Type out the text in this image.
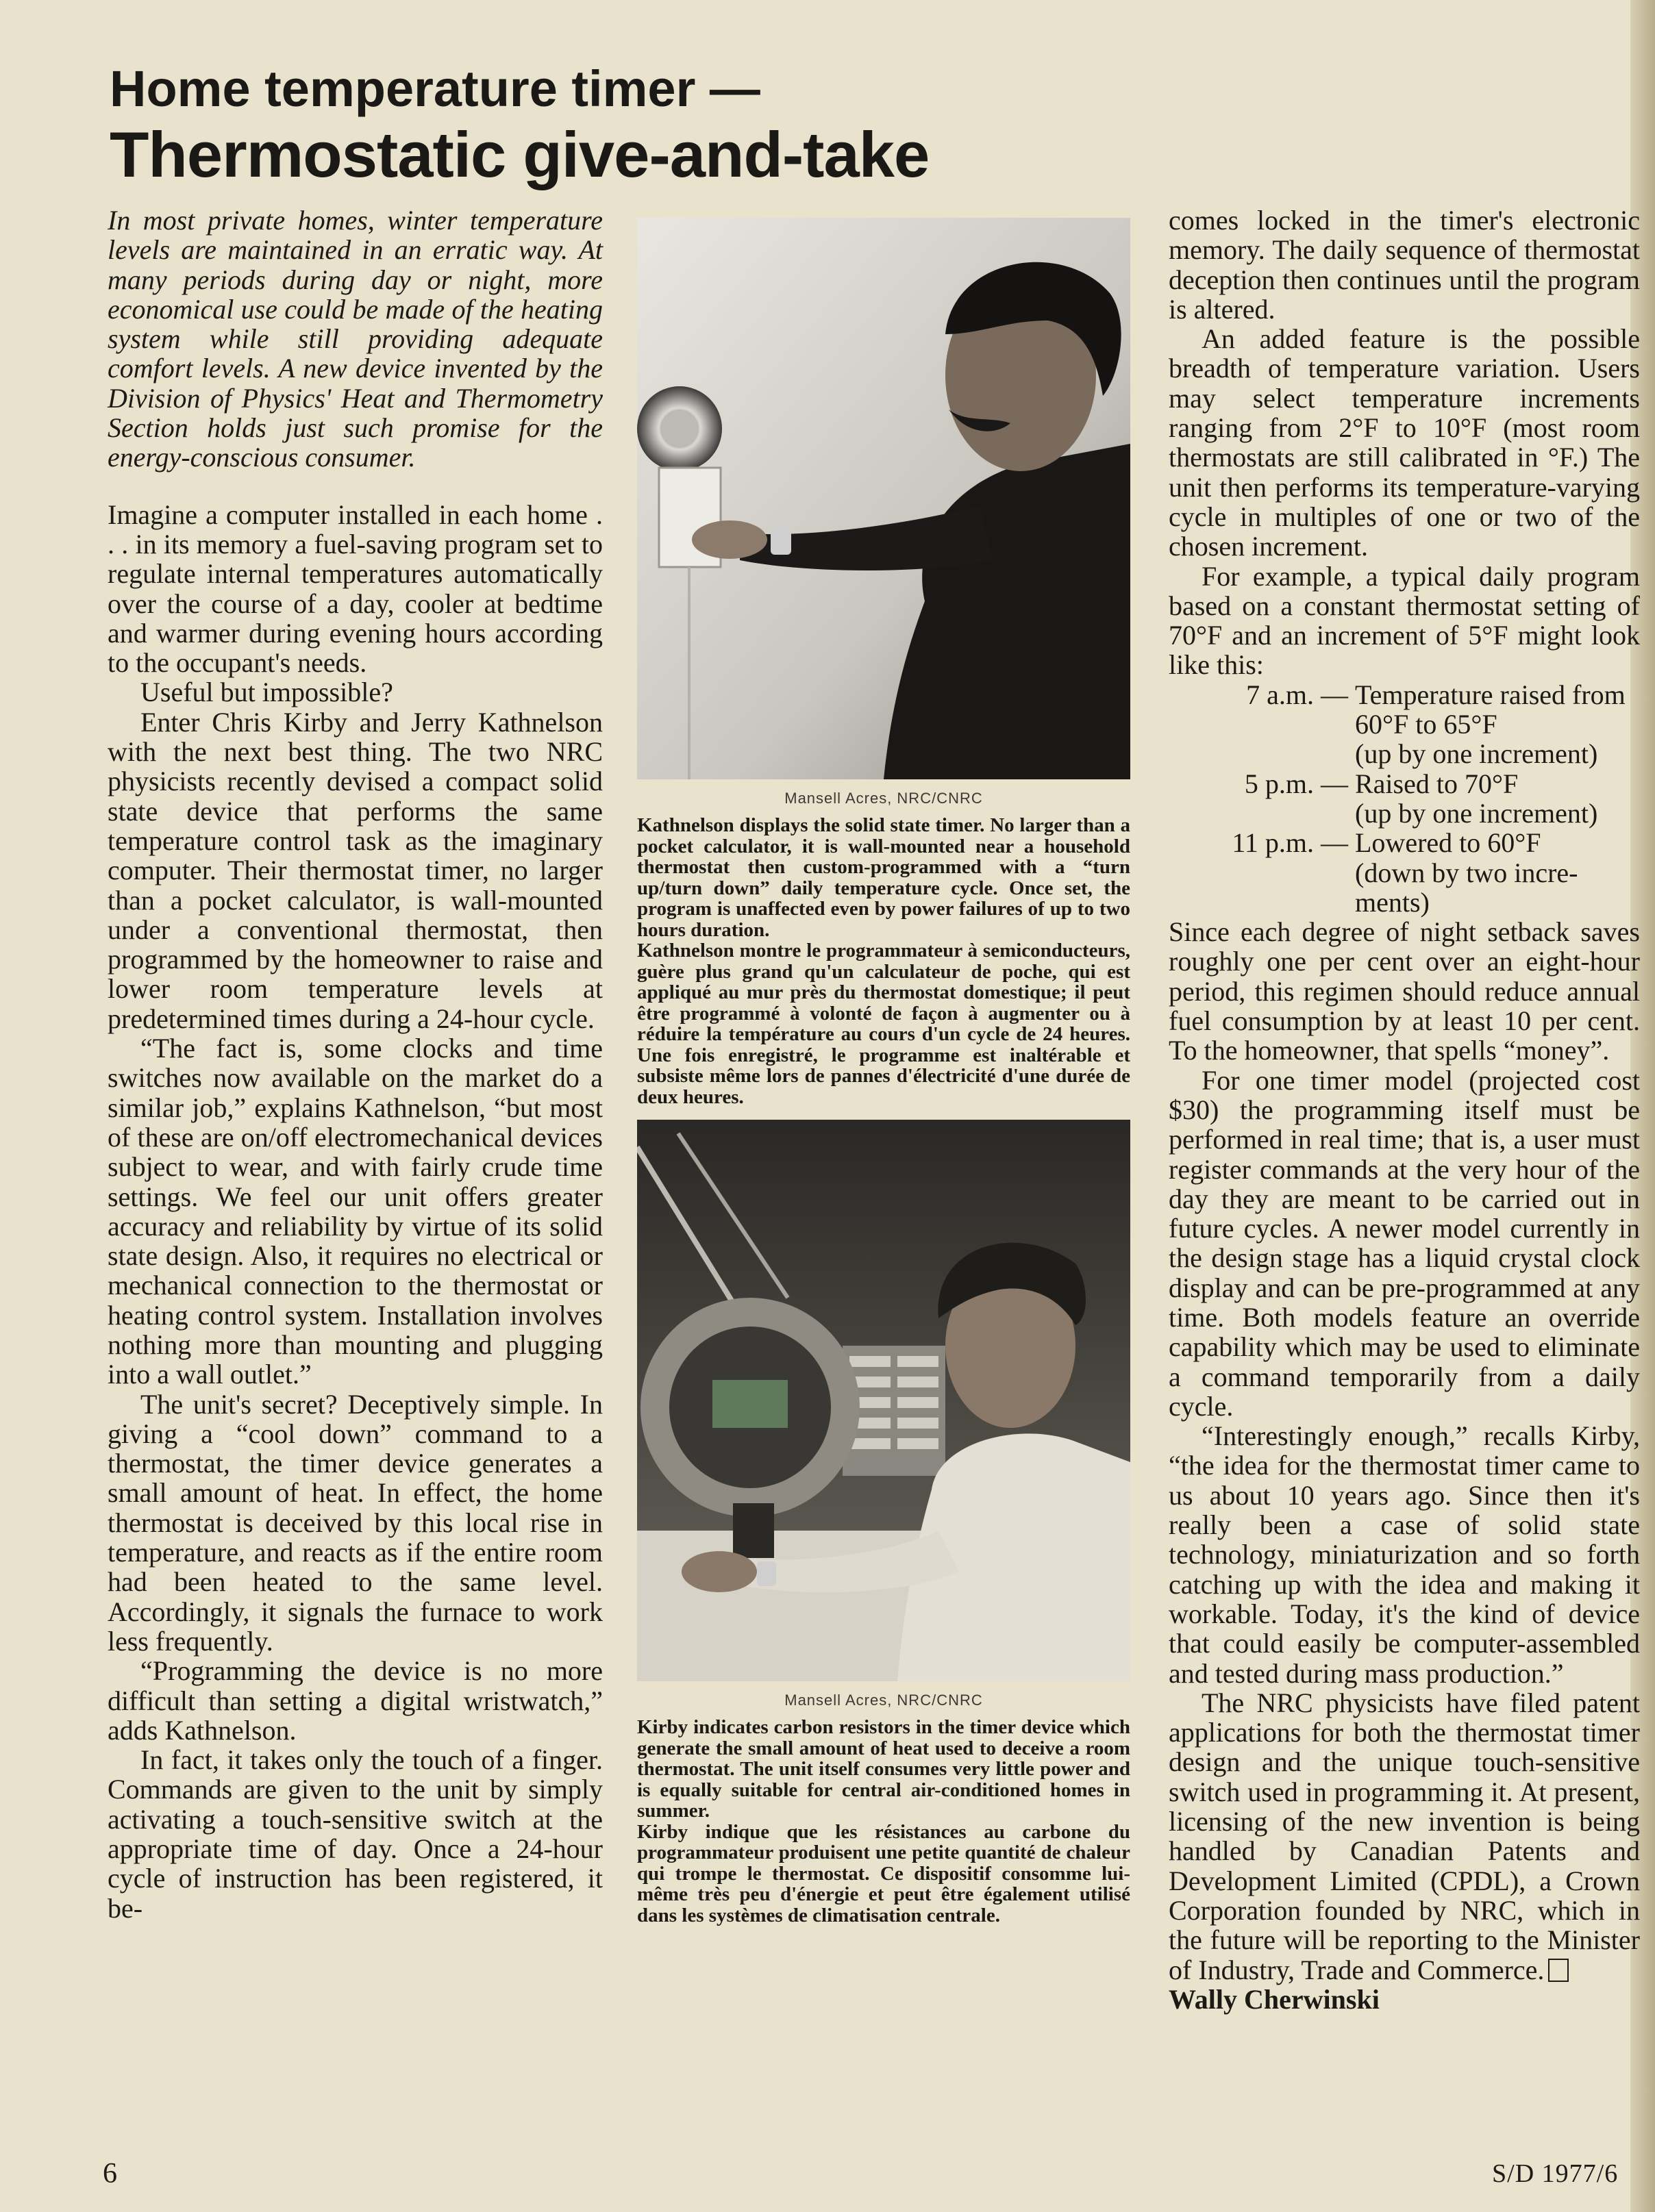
Home temperature timer —
Thermostatic give-and-take

In most private homes, winter temperature levels are maintained in an erratic way. At many periods during day or night, more economical use could be made of the heating system while still providing adequate comfort levels. A new device invented by the Division of Physics' Heat and Thermometry Section holds just such promise for the energy-conscious consumer.

Imagine a computer installed in each home . . . in its memory a fuel-saving program set to regulate internal temperatures automatically over the course of a day, cooler at bedtime and warmer during evening hours according to the occupant's needs.

Useful but impossible?

Enter Chris Kirby and Jerry Kathnelson with the next best thing. The two NRC physicists recently devised a compact solid state device that performs the same temperature control task as the imaginary computer. Their thermostat timer, no larger than a pocket calculator, is wall-mounted under a conventional thermostat, then programmed by the homeowner to raise and lower room temperature levels at predetermined times during a 24-hour cycle.

“The fact is, some clocks and time switches now available on the market do a similar job,” explains Kathnelson, “but most of these are on/off electromechanical devices subject to wear, and with fairly crude time settings. We feel our unit offers greater accuracy and reliability by virtue of its solid state design. Also, it requires no electrical or mechanical connection to the thermostat or heating control system. Installation involves nothing more than mounting and plugging into a wall outlet.”

The unit's secret? Deceptively simple. In giving a “cool down” command to a thermostat, the timer device generates a small amount of heat. In effect, the home thermostat is deceived by this local rise in temperature, and reacts as if the entire room had been heated to the same level. Accordingly, it signals the furnace to work less frequently.

“Programming the device is no more difficult than setting a digital wristwatch,” adds Kathnelson.

In fact, it takes only the touch of a finger. Commands are given to the unit by simply activating a touch-sensitive switch at the appropriate time of day. Once a 24-hour cycle of instruction has been registered, it be-

Mansell Acres, NRC/CNRC

Kathnelson displays the solid state timer. No larger than a pocket calculator, it is wall-mounted near a household thermostat then custom-programmed with a “turn up/turn down” daily temperature cycle. Once set, the program is unaffected even by power failures of up to two hours duration.

Kathnelson montre le programmateur à semiconducteurs, guère plus grand qu'un calculateur de poche, qui est appliqué au mur près du thermostat domestique; il peut être programmé à volonté de façon à augmenter ou à réduire la température au cours d'un cycle de 24 heures. Une fois enregistré, le programme est inaltérable et subsiste même lors de pannes d'électricité d'une durée de deux heures.

Mansell Acres, NRC/CNRC

Kirby indicates carbon resistors in the timer device which generate the small amount of heat used to deceive a room thermostat. The unit itself consumes very little power and is equally suitable for central air-conditioned homes in summer.

Kirby indique que les résistances au carbone du programmateur produisent une petite quantité de chaleur qui trompe le thermostat. Ce dispositif consomme lui-même très peu d'énergie et peut être également utilisé dans les systèmes de climatisation centrale.

comes locked in the timer's electronic memory. The daily sequence of thermostat deception then continues until the program is altered.

An added feature is the possible breadth of temperature variation. Users may select temperature increments ranging from 2°F to 10°F (most room thermostats are still calibrated in °F.) The unit then performs its temperature-varying cycle in multiples of one or two of the chosen increment.

For example, a typical daily program based on a constant thermostat setting of 70°F and an increment of 5°F might look like this:

7 a.m. — Temperature raised from
60°F to 65°F
(up by one increment)
5 p.m. — Raised to 70°F
(up by one increment)
11 p.m. — Lowered to 60°F
(down by two incre-
ments)

Since each degree of night setback saves roughly one per cent over an eight-hour period, this regimen should reduce annual fuel consumption by at least 10 per cent. To the homeowner, that spells “money”.

For one timer model (projected cost $30) the programming itself must be performed in real time; that is, a user must register commands at the very hour of the day they are meant to be carried out in future cycles. A newer model currently in the design stage has a liquid crystal clock display and can be pre-programmed at any time. Both models feature an override capability which may be used to eliminate a command temporarily from a daily cycle.

“Interestingly enough,” recalls Kirby, “the idea for the thermostat timer came to us about 10 years ago. Since then it's really been a case of solid state technology, miniaturization and so forth catching up with the idea and making it workable. Today, it's the kind of device that could easily be computer-assembled and tested during mass production.”

The NRC physicists have filed patent applications for both the thermostat timer design and the unique touch-sensitive switch used in programming it. At present, licensing of the new invention is being handled by Canadian Patents and Development Limited (CPDL), a Crown Corporation founded by NRC, which in the future will be reporting to the Minister of Industry, Trade and Commerce.

Wally Cherwinski

6	S/D 1977/6
